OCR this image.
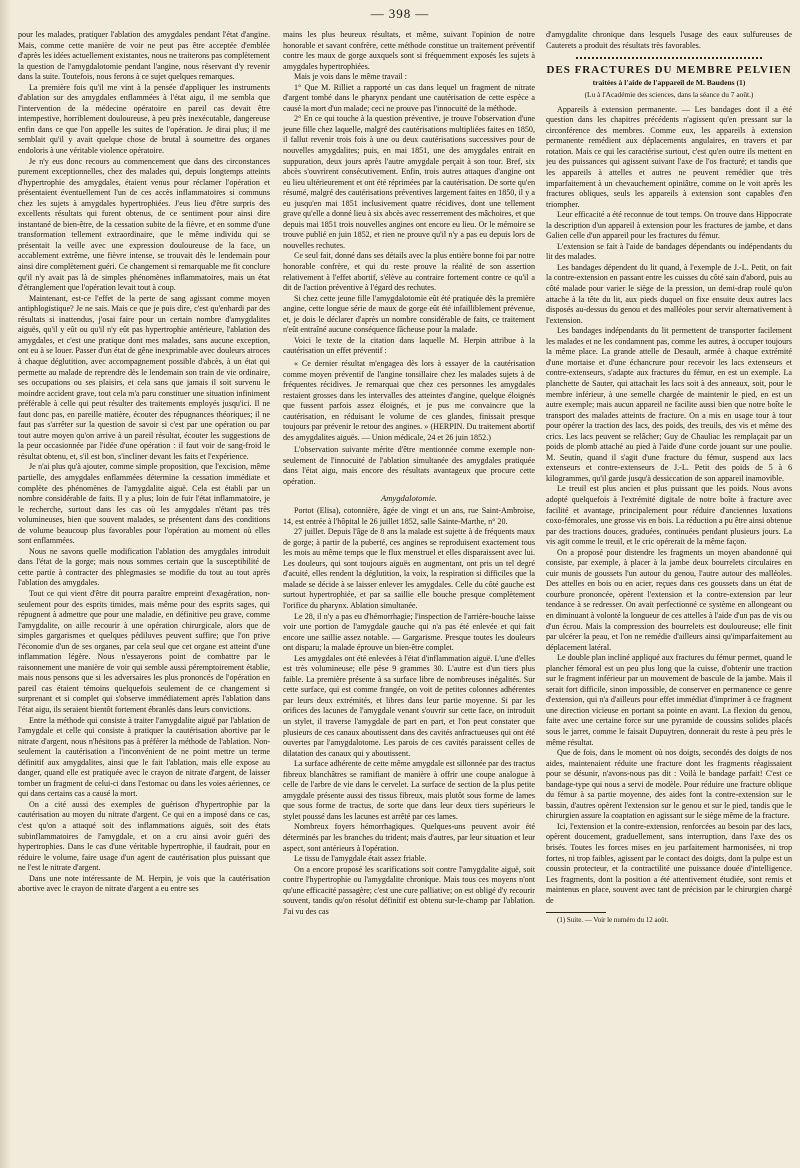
— 398 —

pour les malades, pratiquer l'ablation des amygdales pendant l'état d'angine. Mais, comme cette manière de voir ne peut pas être acceptée d'emblée d'après les idées actuellement existantes, nous ne traiterons pas complètement la question de l'amygdalotomie pendant l'angine, nous réservant d'y revenir dans la suite. Toutefois, nous ferons à ce sujet quelques remarques.

La première fois qu'il me vint à la pensée d'appliquer les instruments d'ablation sur des amygdales enflammées à l'état aigu, il me sembla que l'intervention de la médecine opératoire en pareil cas devait être intempestive, horriblement douloureuse, à peu près inexécutable, dangereuse enfin dans ce que l'on appelle les suites de l'opération. Je dirai plus; il me semblait qu'il y avait quelque chose de brutal à soumettre des organes endoloris à une véritable violence opératoire.

Je n'y eus donc recours au commencement que dans des circonstances purement exceptionnelles, chez des malades qui, depuis longtemps atteints d'hypertrophie des amygdales, étaient venus pour réclamer l'opération et présentaient éventuellement l'un de ces accès inflammatoires si communs chez les sujets à amygdales hypertrophiées. J'eus lieu d'être surpris des excellents résultats qui furent obtenus, de ce sentiment pour ainsi dire instantané de bien-être, de la cessation subite de la fièvre, et en somme d'une transformation tellement extraordinaire, que le même individu qui se présentait la veille avec une expression douloureuse de la face, un accablement extrême, une fièvre intense, se trouvait dès le lendemain pour ainsi dire complètement guéri. Ce changement si remarquable me fit conclure qu'il n'y avait pas là de simples phénomènes inflammatoires, mais un état d'étranglement que l'opération levait tout à coup.

Maintenant, est-ce l'effet de la perte de sang agissant comme moyen antiphlogistique? Je ne sais. Mais ce que je puis dire, c'est qu'enhardi par des résultats si inattendus, j'osai faire pour un certain nombre d'amygdalites aiguës, qu'il y eût ou qu'il n'y eût pas hypertrophie antérieure, l'ablation des amygdales, et c'est une pratique dont mes malades, sans aucune exception, ont eu à se louer. Passer d'un état de gêne inexprimable avec douleurs atroces à chaque déglutition, avec accompagnement possible d'abcès, à un état qui permette au malade de reprendre dès le lendemain son train de vie ordinaire, ses occupations ou ses plaisirs, et cela sans que jamais il soit survenu le moindre accident grave, tout cela m'a paru constituer une situation infiniment préférable à celle qui peut résulter des traitements employés jusqu'ici. Il ne faut donc pas, en pareille matière, écouter des répugnances théoriques; il ne faut pas s'arrêter sur la question de savoir si c'est par une opération ou par tout autre moyen qu'on arrive à un pareil résultat, écouter les suggestions de la peur occasionnée par l'idée d'une opération : il faut voir de sang-froid le résultat obtenu, et, s'il est bon, s'incliner devant les faits et l'expérience.

Je n'ai plus qu'à ajouter, comme simple proposition, que l'excision, même partielle, des amygdales enflammées détermine la cessation immédiate et complète des phénomènes de l'amygdalite aiguë. Cela est établi par un nombre considérable de faits. Il y a plus; loin de fuir l'état inflammatoire, je le recherche, surtout dans les cas où les amygdales n'étant pas très volumineuses, bien que souvent malades, se présentent dans des conditions de volume beaucoup plus favorables pour l'opération au moment où elles sont enflammées.

Nous ne savons quelle modification l'ablation des amygdales introduit dans l'état de la gorge; mais nous sommes certain que la susceptibilité de cette partie à contracter des phlegmasies se modifie du tout au tout après l'ablation des amygdales.

Tout ce qui vient d'être dit pourra paraître empreint d'exagération, non-seulement pour des esprits timides, mais même pour des esprits sages, qui répugnent à admettre que pour une maladie, en définitive peu grave, comme l'amygdalite, on aille recourir à une opération chirurgicale, alors que de simples gargarismes et quelques pédiluves peuvent suffire; que l'on prive l'économie d'un de ses organes, par cela seul que cet organe est atteint d'une inflammation légère. Nous n'essayerons point de combattre par le raisonnement une manière de voir qui semble aussi péremptoirement établie, mais nous pensons que si les adversaires les plus prononcés de l'opération en pareil cas étaient témoins quelquefois seulement de ce changement si surprenant et si complet qui s'observe immédiatement après l'ablation dans l'état aigu, ils seraient bientôt fortement ébranlés dans leurs convictions.

Entre la méthode qui consiste à traiter l'amygdalite aiguë par l'ablation de l'amygdale et celle qui consiste à pratiquer la cautérisation abortive par le nitrate d'argent, nous n'hésitons pas à préférer la méthode de l'ablation. Non-seulement la cautérisation a l'inconvénient de ne point mettre un terme définitif aux amygdalites, ainsi que le fait l'ablation, mais elle expose au danger, quand elle est pratiquée avec le crayon de nitrate d'argent, de laisser tomber un fragment de celui-ci dans l'estomac ou dans les voies aériennes, ce qui dans certains cas a causé la mort.

On a cité aussi des exemples de guérison d'hypertrophie par la cautérisation au moyen du nitrate d'argent. Ce qui en a imposé dans ce cas, c'est qu'on a attaqué soit des inflammations aiguës, soit des états subinflammatoires de l'amygdale, et on a cru ainsi avoir guéri des hypertrophies. Dans le cas d'une véritable hypertrophie, il faudrait, pour en réduire le volume, faire usage d'un agent de cautérisation plus puissant que ne l'est le nitrate d'argent.

Dans une note intéressante de M. Herpin, je vois que la cautérisation abortive avec le crayon de nitrate d'argent a eu entre ses

mains les plus heureux résultats, et même, suivant l'opinion de notre honorable et savant confrère, cette méthode constitue un traitement préventif contre les maux de gorge auxquels sont si fréquemment exposés les sujets à amygdales hypertrophiées.

Mais je vois dans le même travail :

1° Que M. Rilliet a rapporté un cas dans lequel un fragment de nitrate d'argent tombé dans le pharynx pendant une cautérisation de cette espèce a causé la mort d'un malade; ceci ne prouve pas l'innocuité de la méthode.

2° En ce qui touche à la question préventive, je trouve l'observation d'une jeune fille chez laquelle, malgré des cautérisations multipliées faites en 1850, il fallut revenir trois fois à une ou deux cautérisations successives pour de nouvelles amygdalites; puis, en mai 1851, une des amygdales entrait en suppuration, deux jours après l'autre amygdale perçait à son tour. Bref, six abcès s'ouvrirent consécutivement. Enfin, trois autres attaques d'angine ont eu lieu ultérieurement et ont été réprimées par la cautérisation. De sorte qu'en résumé, malgré des cautérisations préventives largement faites en 1850, il y a eu jusqu'en mai 1851 inclusivement quatre récidives, dont une tellement grave qu'elle a donné lieu à six abcès avec resserrement des mâchoires, et que depuis mai 1851 trois nouvelles angines ont encore eu lieu. Or le mémoire se trouve publié en juin 1852, et rien ne prouve qu'il n'y a pas eu depuis lors de nouvelles rechutes.

Ce seul fait, donné dans ses détails avec la plus entière bonne foi par notre honorable confrère, et qui du reste prouve la réalité de son assertion relativement à l'effet abortif, s'élève au contraire fortement contre ce qu'il a dit de l'action préventive à l'égard des rechutes.

Si chez cette jeune fille l'amygdalotomie eût été pratiquée dès la première angine, cette longue série de maux de gorge eût été infailliblement prévenue, et, je dois le déclarer d'après un nombre considérable de faits, ce traitement n'eût entraîné aucune conséquence fâcheuse pour la malade.

Voici le texte de la citation dans laquelle M. Herpin attribue à la cautérisation un effet préventif :

« Ce dernier résultat m'engagea dès lors à essayer de la cautérisation comme moyen préventif de l'angine tonsillaire chez les malades sujets à de fréquentes récidives. Je remarquai que chez ces personnes les amygdales restaient grosses dans les intervalles des atteintes d'angine, quelque éloignés que fussent parfois assez éloignés, et je pus me convaincre que la cautérisation, en réduisant le volume de ces glandes, finissait presque toujours par prévenir le retour des angines. » (HERPIN. Du traitement abortif des amygdalites aiguës. — Union médicale, 24 et 26 juin 1852.)

L'observation suivante mérite d'être mentionnée comme exemple non-seulement de l'innocuité de l'ablation simultanée des amygdales pratiquée dans l'état aigu, mais encore des résultats avantageux que procure cette opération.

Amygdalotomie.

Portot (Elisa), cotonnière, âgée de vingt et un ans, rue Saint-Ambroise, 14, est entrée à l'hôpital le 26 juillet 1852, salle Sainte-Marthe, n° 20.

27 juillet. Depuis l'âge de 8 ans la malade est sujette à de fréquents maux de gorge; à partir de la puberté, ces angines se reproduisent exactement tous les mois au même temps que le flux menstruel et elles disparaissent avec lui. Les douleurs, qui sont toujours aiguës en augmentant, ont pris un tel degré d'acuité, elles rendent la déglutition, la voix, la respiration si difficiles que la malade se décide à se laisser enlever les amygdales. Celle du côté gauche est surtout hypertrophiée, et par sa saillie elle bouche presque complètement l'orifice du pharynx. Ablation simultanée.

Le 28, il n'y a pas eu d'hémorrhagie; l'inspection de l'arrière-bouche laisse voir une portion de l'amygdale gauche qui n'a pas été enlevée et qui fait encore une saillie assez notable. — Gargarisme. Presque toutes les douleurs ont disparu; la malade éprouve un bien-être complet.

Les amygdales ont été enlevées à l'état d'inflammation aiguë. L'une d'elles est très volumineuse; elle pèse 9 grammes 30. L'autre est d'un tiers plus faible. La première présente à sa surface libre de nombreuses inégalités. Sur cette surface, qui est comme frangée, on voit de petites colonnes adhérentes par leurs deux extrémités, et libres dans leur partie moyenne. Si par les orifices des lacunes de l'amygdale venant s'ouvrir sur cette face, on introduit un stylet, il traverse l'amygdale de part en part, et l'on peut constater que plusieurs de ces canaux aboutissent dans des cavités anfractueuses qui ont été ouvertes par l'amygdalotome. Les parois de ces cavités paraissent celles de dilatation des canaux qui y aboutissent.

La surface adhérente de cette même amygdale est sillonnée par des tractus fibreux blanchâtres se ramifiant de manière à offrir une coupe analogue à celle de l'arbre de vie dans le cervelet. La surface de section de la plus petite amygdale présente aussi des tissus fibreux, mais plutôt sous forme de lames que sous forme de tractus, de sorte que dans leur deux tiers supérieurs le stylet poussé dans les lacunes est arrêté par ces lames.

Nombreux foyers hémorrhagiques. Quelques-uns peuvent avoir été déterminés par les branches du trident; mais d'autres, par leur situation et leur aspect, sont antérieurs à l'opération.

Le tissu de l'amygdale était assez friable.

On a encore proposé les scarifications soit contre l'amygdalite aiguë, soit contre l'hypertrophie ou l'amygdalite chronique. Mais tous ces moyens n'ont qu'une efficacité passagère; c'est une cure palliative; on est obligé d'y recourir souvent, tandis qu'on résolut définitif est obtenu sur-le-champ par l'ablation. J'ai vu des cas

d'amygdalite chronique dans lesquels l'usage des eaux sulfureuses de Cauterets a produit des résultats très favorables.

DES FRACTURES DU MEMBRE PELVIEN
traitées à l'aide de l'appareil de M. Baudens (1)
(Lu à l'Académie des sciences, dans la séance du 7 août.)

Appareils à extension permanente. — Les bandages dont il a été question dans les chapitres précédents n'agissent qu'en pressant sur la circonférence des membres. Comme eux, les appareils à extension permanente remédient aux déplacements angulaires, en travers et par rotation. Mais ce qui les caractérise surtout, c'est qu'en outre ils mettent en jeu des puissances qui agissent suivant l'axe de l'os fracturé; et tandis que les appareils à attelles et autres ne peuvent remédier que très imparfaitement à un chevauchement opiniâtre, comme on le voit après les fractures obliques, seuls les appareils à extension sont capables d'en triompher.

Leur efficacité a été reconnue de tout temps. On trouve dans Hippocrate la description d'un appareil à extension pour les fractures de jambe, et dans Galien celle d'un appareil pour les fractures du fémur.

L'extension se fait à l'aide de bandages dépendants ou indépendants du lit des malades.

Les bandages dépendent du lit quand, à l'exemple de J.-L. Petit, on fait la contre-extension en passant entre les cuisses du côté sain d'abord, puis au côté malade pour varier le siège de la pression, un demi-drap roulé qu'on attache à la tête du lit, aux pieds duquel on fixe ensuite deux autres lacs disposés au-dessus du genou et des malléoles pour servir alternativement à l'extension.

Les bandages indépendants du lit permettent de transporter facilement les malades et ne les condamnent pas, comme les autres, à occuper toujours la même place. La grande attelle de Desault, armée à chaque extrémité d'une mortaise et d'une échancrure pour recevoir les lacs extenseurs et contre-extenseurs, s'adapte aux fractures du fémur, en est un exemple. La planchette de Sauter, qui attachait les lacs soit à des anneaux, soit, pour le membre inférieur, à une semelle chargée de maintenir le pied, en est un autre exemple; mais aucun appareil ne facilite aussi bien que notre boîte le transport des malades atteints de fracture. On a mis en usage tour à tour pour opérer la traction des lacs, des poids, des treuils, des vis et même des crics. Les lacs peuvent se relâcher; Guy de Chauliac les remplaçait par un poids de plomb attaché au pied à l'aide d'une corde jouant sur une poulie. M. Seutin, quand il s'agit d'une fracture du fémur, suspend aux lacs extenseurs et contre-extenseurs de J.-L. Petit des poids de 5 à 6 kilogrammes, qu'il garde jusqu'à dessiccation de son appareil inamovible.

Le treuil est plus ancien et plus puissant que les poids. Nous avons adopté quelquefois à l'extrémité digitale de notre boîte à fracture avec facilité et avantage, principalement pour réduire d'anciennes luxations coxo-fémorales, une grosse vis en bois. La réduction a pu être ainsi obtenue par des tractions douces, graduées, continuées pendant plusieurs jours. La vis agit comme le treuil, et le cric opérerait de la même façon.

On a proposé pour distendre les fragments un moyen abandonné qui consiste, par exemple, à placer à la jambe deux bourrelets circulaires en cuir munis de goussets l'un autour du genou, l'autre autour des malléoles. Des attelles en bois ou en acier, reçues dans ces goussets dans un état de courbure prononcée, opèrent l'extension et la contre-extension par leur tendance à se redresser. On avait perfectionné ce système en allongeant ou en diminuant à volonté la longueur de ces attelles à l'aide d'un pas de vis ou d'un écrou. Mais la compression des bourrelets est douloureuse; elle finit par ulcérer la peau, et l'on ne remédie d'ailleurs ainsi qu'imparfaitement au déplacement latéral.

Le double plan incliné appliqué aux fractures du fémur permet, quand le plancher fémoral est un peu plus long que la cuisse, d'obtenir une traction sur le fragment inférieur par un mouvement de bascule de la jambe. Mais il serait fort difficile, sinon impossible, de conserver en permanence ce genre d'extension, qui n'a d'ailleurs pour effet immédiat d'imprimer à ce fragment une direction vicieuse en portant sa pointe en avant. La flexion du genou, faite avec une certaine force sur une pyramide de coussins solides placés sous le jarret, comme le faisait Dupuytren, donnerait du reste à peu près le même résultat.

Que de fois, dans le moment où nos doigts, secondés des doigts de nos aides, maintenaient réduite une fracture dont les fragments réagissaient pour se désunir, n'avons-nous pas dit : Voilà le bandage parfait! C'est ce bandage-type qui nous a servi de modèle. Pour réduire une fracture oblique du fémur à sa partie moyenne, des aides font la contre-extension sur le bassin, d'autres opèrent l'extension sur le genou et sur le pied, tandis que le chirurgien assure la coaptation en agissant sur le siège même de la fracture.

Ici, l'extension et la contre-extension, renforcées au besoin par des lacs, opèrent doucement, graduellement, sans interruption, dans l'axe des os brisés. Toutes les forces mises en jeu parfaitement harmonisées, ni trop fortes, ni trop faibles, agissent par le contact des doigts, dont la pulpe est un coussin protecteur, et la contractilité une puissance douée d'intelligence. Les fragments, dont la position a été attentivement étudiée, sont remis et maintenus en place, souvent avec tant de précision par le chirurgien chargé de

(1) Suite. — Voir le numéro du 12 août.
